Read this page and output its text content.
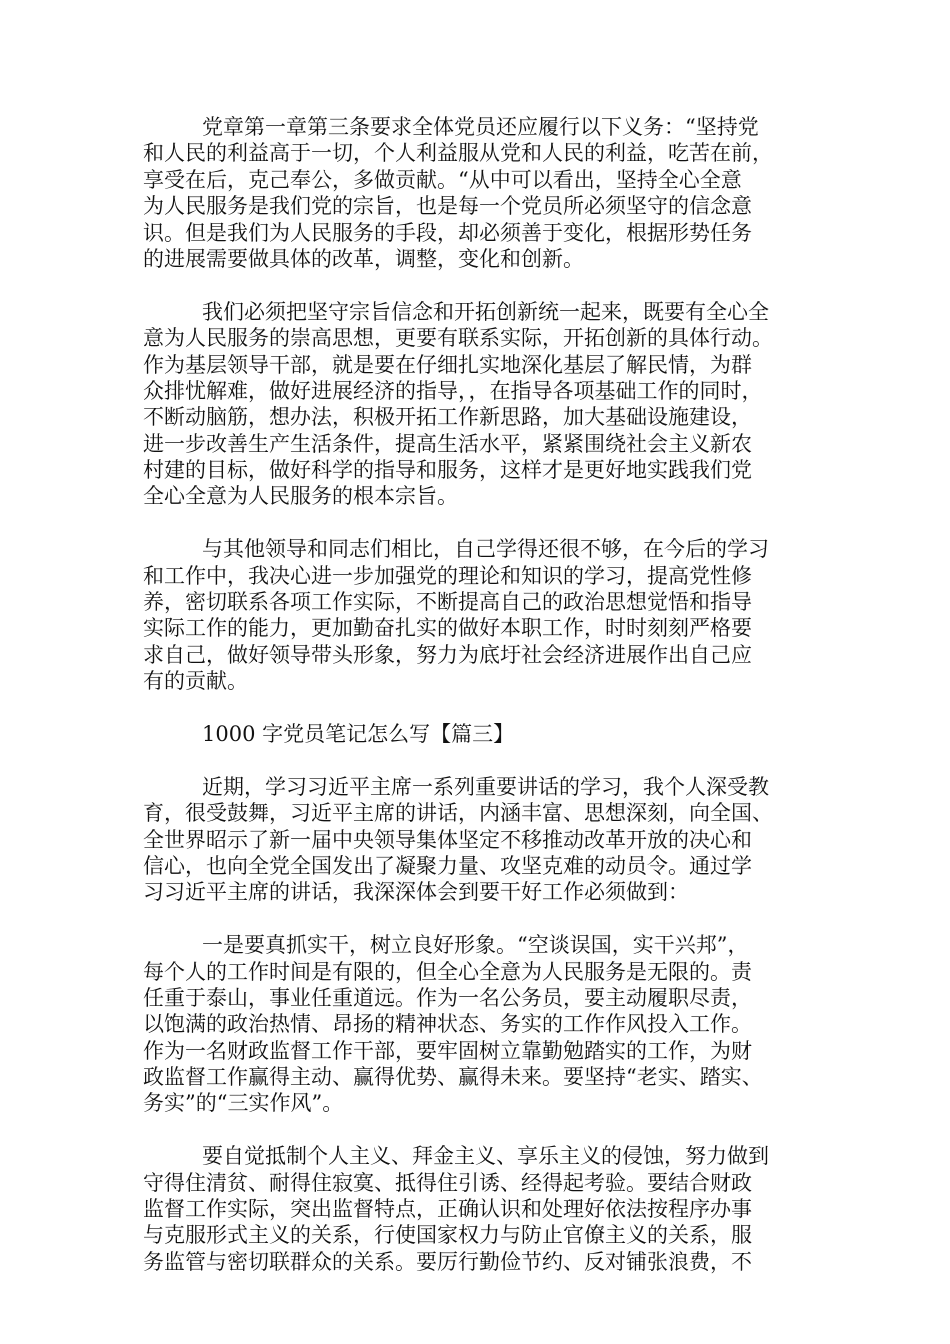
党章第一章第三条要求全体党员还应履行以下义务：“坚持党
和人民的利益高于一切，个人利益服从党和人民的利益，吃苦在前，
享受在后，克己奉公，多做贡献。“从中可以看出，坚持全心全意
为人民服务是我们党的宗旨，也是每一个党员所必须坚守的信念意
识。但是我们为人民服务的手段，却必须善于变化，根据形势任务
的进展需要做具体的改革，调整，变化和创新。
我们必须把坚守宗旨信念和开拓创新统一起来，既要有全心全
意为人民服务的崇高思想，更要有联系实际，开拓创新的具体行动。
作为基层领导干部，就是要在仔细扎实地深化基层了解民情，为群
众排忧解难，做好进展经济的指导，，在指导各项基础工作的同时，
不断动脑筋，想办法，积极开拓工作新思路，加大基础设施建设，
进一步改善生产生活条件，提高生活水平，紧紧围绕社会主义新农
村建的目标，做好科学的指导和服务，这样才是更好地实践我们党
全心全意为人民服务的根本宗旨。
与其他领导和同志们相比，自己学得还很不够，在今后的学习
和工作中，我决心进一步加强党的理论和知识的学习，提高党性修
养，密切联系各项工作实际，不断提高自己的政治思想觉悟和指导
实际工作的能力，更加勤奋扎实的做好本职工作，时时刻刻严格要
求自己，做好领导带头形象，努力为底圩社会经济进展作出自己应
有的贡献。
1000 字党员笔记怎么写【篇三】
近期，学习习近平主席一系列重要讲话的学习，我个人深受教
育，很受鼓舞，习近平主席的讲话，内涵丰富、思想深刻，向全国、
全世界昭示了新一届中央领导集体坚定不移推动改革开放的决心和
信心，也向全党全国发出了凝聚力量、攻坚克难的动员令。通过学
习习近平主席的讲话，我深深体会到要干好工作必须做到：
一是要真抓实干，树立良好形象。“空谈误国，实干兴邦”，
每个人的工作时间是有限的，但全心全意为人民服务是无限的。责
任重于泰山，事业任重道远。作为一名公务员，要主动履职尽责，
以饱满的政治热情、昂扬的精神状态、务实的工作作风投入工作。
作为一名财政监督工作干部，要牢固树立靠勤勉踏实的工作，为财
政监督工作赢得主动、赢得优势、赢得未来。要坚持“老实、踏实、
务实”的“三实作风”。
要自觉抵制个人主义、拜金主义、享乐主义的侵蚀，努力做到
守得住清贫、耐得住寂寞、抵得住引诱、经得起考验。要结合财政
监督工作实际，突出监督特点，正确认识和处理好依法按程序办事
与克服形式主义的关系，行使国家权力与防止官僚主义的关系，服
务监管与密切联群众的关系。要厉行勤俭节约、反对铺张浪费，不
